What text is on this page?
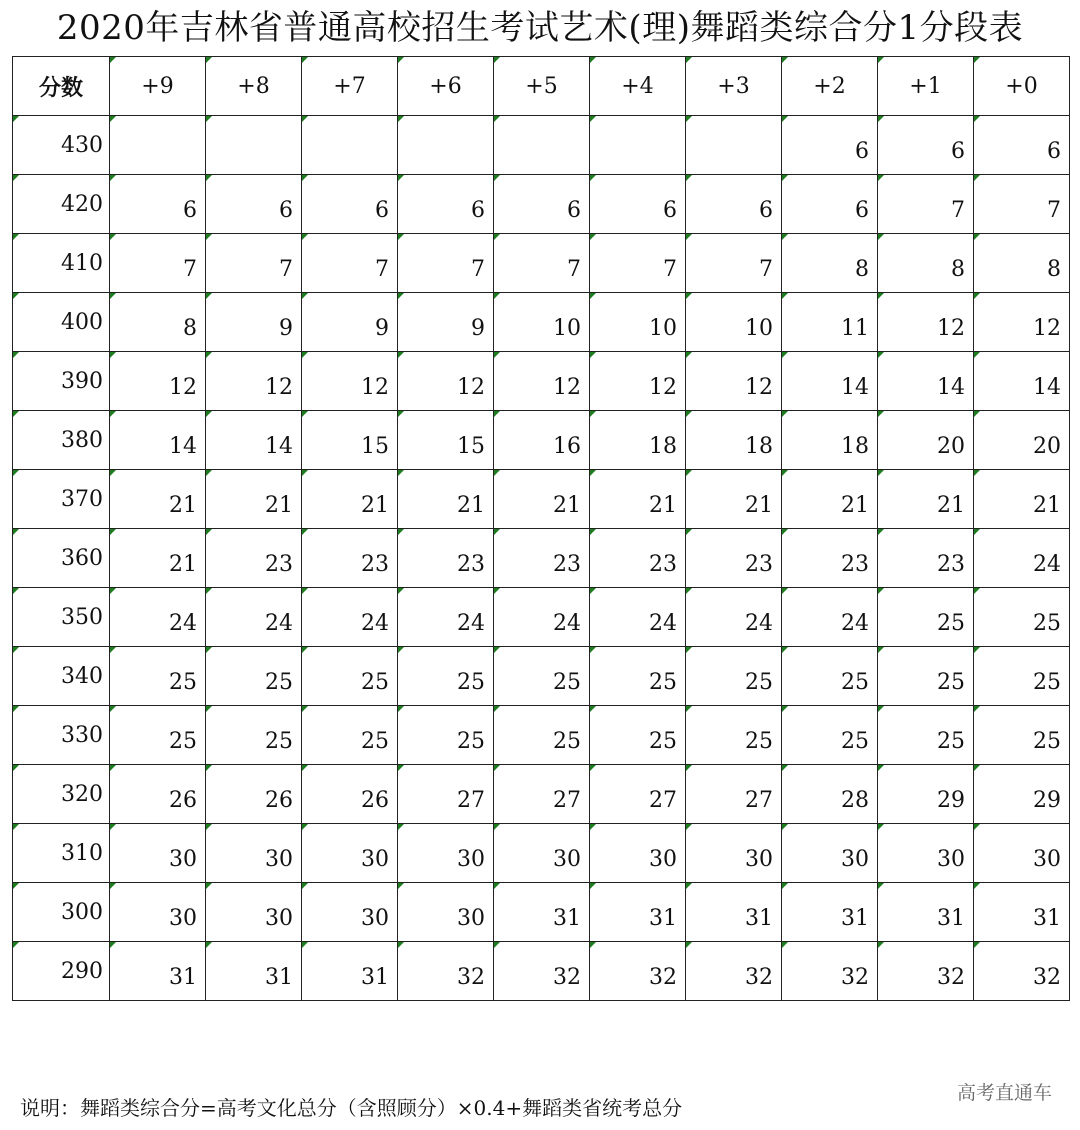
2020年吉林省普通高校招生考试艺术(理)舞蹈类综合分1分段表
分数	+9	+8	+7	+6	+5	+4	+3	+2	+1	+0
430								6	6	6
420	6	6	6	6	6	6	6	6	7	7
410	7	7	7	7	7	7	7	8	8	8
400	8	9	9	9	10	10	10	11	12	12
390	12	12	12	12	12	12	12	14	14	14
380	14	14	15	15	16	18	18	18	20	20
370	21	21	21	21	21	21	21	21	21	21
360	21	23	23	23	23	23	23	23	23	24
350	24	24	24	24	24	24	24	24	25	25
340	25	25	25	25	25	25	25	25	25	25
330	25	25	25	25	25	25	25	25	25	25
320	26	26	26	27	27	27	27	28	29	29
310	30	30	30	30	30	30	30	30	30	30
300	30	30	30	30	31	31	31	31	31	31
290	31	31	31	32	32	32	32	32	32	32
说明：舞蹈类综合分=高考文化总分（含照顾分）×0.4+舞蹈类省统考总分
高考直通车
